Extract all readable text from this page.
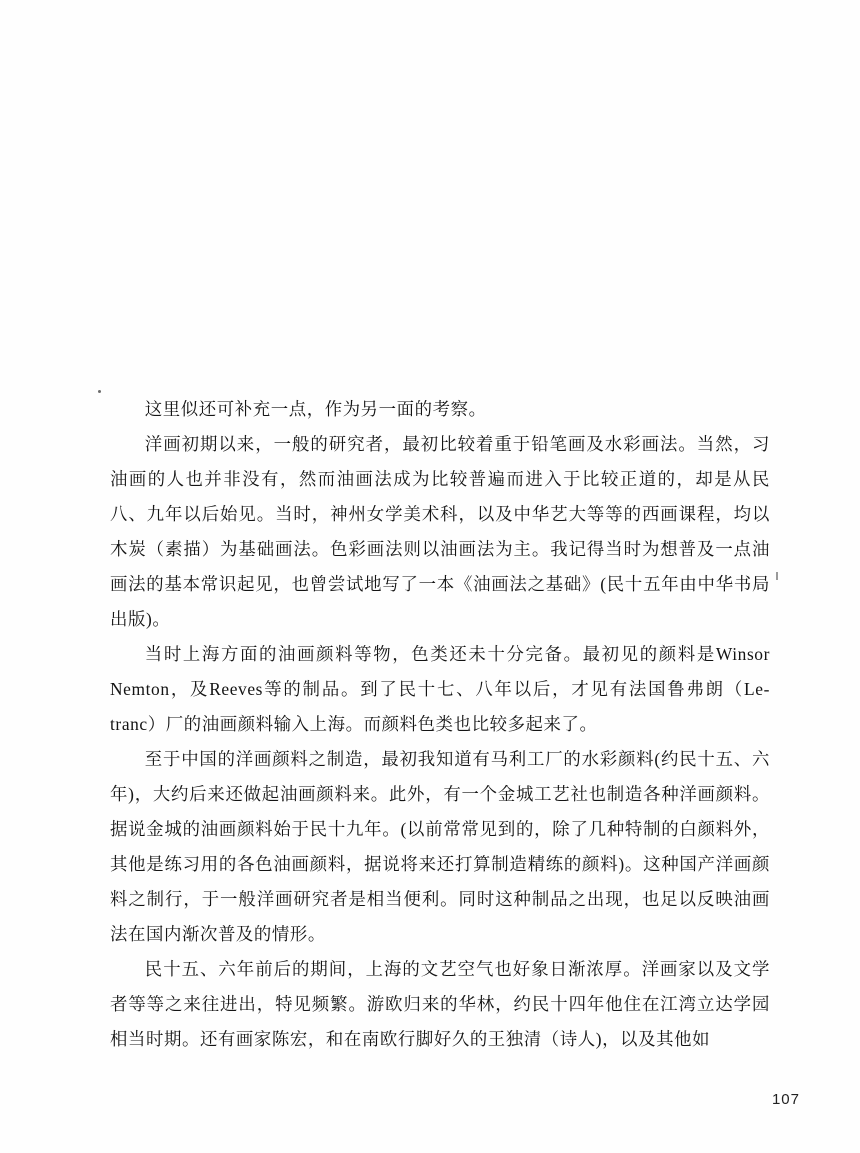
这里似还可补充一点，作为另一面的考察。

洋画初期以来，一般的研究者，最初比较着重于铅笔画及水彩画法。当然，习油画的人也并非没有，然而油画法成为比较普遍而进入于比较正道的，却是从民八、九年以后始见。当时，神州女学美术科，以及中华艺大等等的西画课程，均以木炭（素描）为基础画法。色彩画法则以油画法为主。我记得当时为想普及一点油画法的基本常识起见，也曾尝试地写了一本《油画法之基础》(民十五年由中华书局出版)。

当时上海方面的油画颜料等物，色类还未十分完备。最初见的颜料是Winsor Nemton，及Reeves等的制品。到了民十七、八年以后，才见有法国鲁弗朗（Le-tranc）厂的油画颜料输入上海。而颜料色类也比较多起来了。

至于中国的洋画颜料之制造，最初我知道有马利工厂的水彩颜料(约民十五、六年)，大约后来还做起油画颜料来。此外，有一个金城工艺社也制造各种洋画颜料。据说金城的油画颜料始于民十九年。(以前常常见到的，除了几种特制的白颜料外，其他是练习用的各色油画颜料，据说将来还打算制造精练的颜料)。这种国产洋画颜料之制行，于一般洋画研究者是相当便利。同时这种制品之出现，也足以反映油画法在国内渐次普及的情形。

民十五、六年前后的期间，上海的文艺空气也好象日渐浓厚。洋画家以及文学者等等之来往进出，特见频繁。游欧归来的华林，约民十四年他住在江湾立达学园相当时期。还有画家陈宏，和在南欧行脚好久的王独清（诗人)，以及其他如

107
